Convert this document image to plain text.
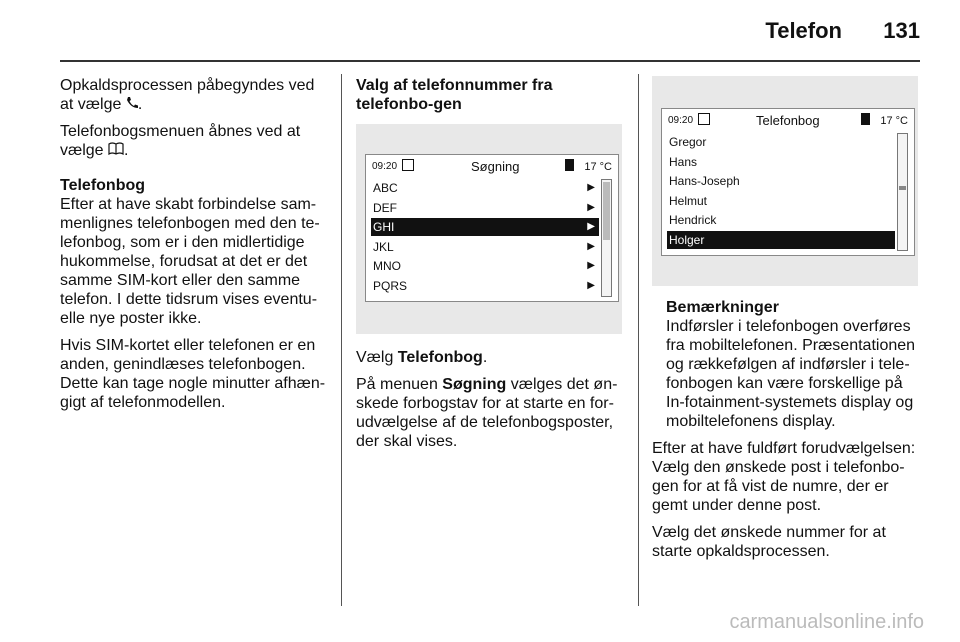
Telefon 131

Opkaldsprocessen påbegyndes ved at vælge .

Telefonbogsmenuen åbnes ved at vælge .

Telefonbog

Efter at have skabt forbindelse sam-menlignes telefonbogen med den te-lefonbog, som er i den midlertidige hukommelse, forudsat at det er det samme SIM-kort eller den samme telefon. I dette tidsrum vises eventu-elle nye poster ikke.

Hvis SIM-kortet eller telefonen er en anden, genindlæses telefonbogen. Dette kan tage nogle minutter afhæn-gigt af telefonmodellen.

Valg af telefonnummer fra telefonbo-gen
09:20	Søgning	17 °C
ABC	▶
DEF	▶
GHI	▶
JKL	▶
MNO	▶
PQRS	▶

Vælg Telefonbog.

På menuen Søgning vælges det øn-skede forbogstav for at starte en for-udvælgelse af de telefonbogsposter, der skal vises.

09:20	Telefonbog	17 °C
Gregor
Hans
Hans-Joseph
Helmut
Hendrick
Holger
Bemærkninger

Indførsler i telefonbogen overføres fra mobiltelefonen. Præsentationen og rækkefølgen af indførsler i tele-fonbogen kan være forskellige på In-fotainment-systemets display og mobiltelefonens display.

Efter at have fuldført forudvælgelsen: Vælg den ønskede post i telefonbo-gen for at få vist de numre, der er gemt under denne post.

Vælg det ønskede nummer for at starte opkaldsprocessen.

carmanualsonline.info
